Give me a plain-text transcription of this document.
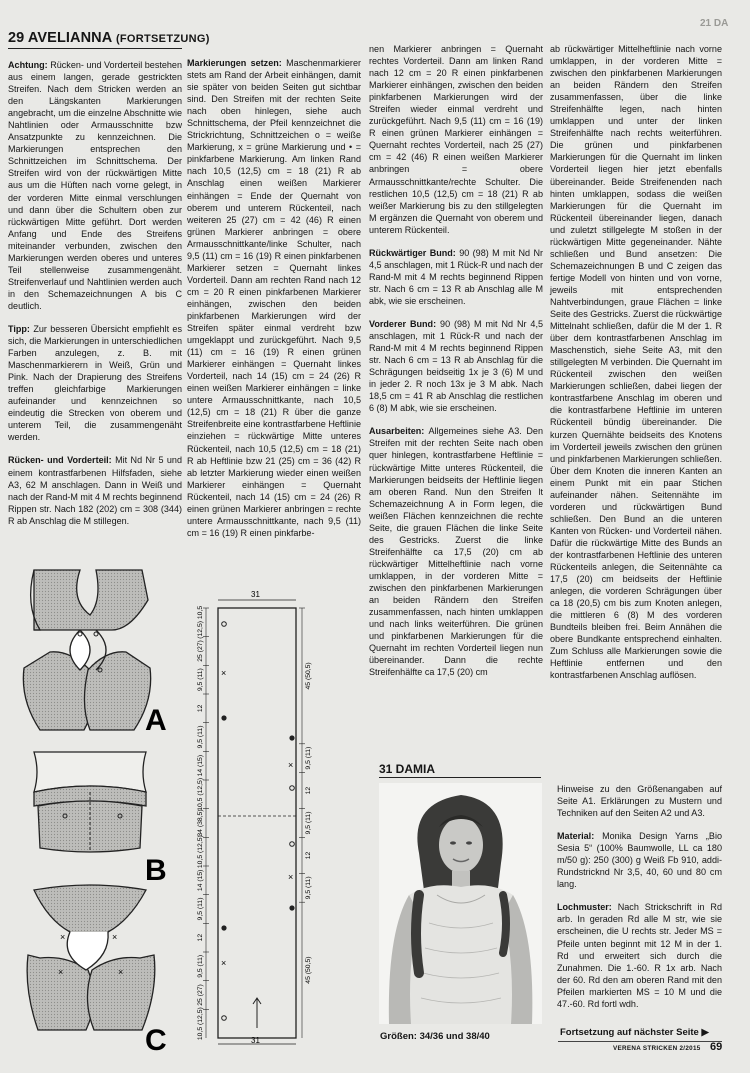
29 AVELIANNA (FORTSETZUNG)
21 DA

Achtung: Rücken- und Vorderteil bestehen aus einem langen, gerade gestrickten Streifen. Nach dem Stricken werden an den Längskanten Markierungen angebracht, um die einzelne Abschnitte wie Nahtlinien oder Armausschnitte bzw Ansatzpunkte zu kennzeichnen. Die Markierungen entsprechen den Schnittzeichen im Schnittschema. Der Streifen wird von der rückwärtigen Mitte aus um die Hüften nach vorne gelegt, in der vorderen Mitte einmal verschlungen und dann über die Schultern oben zur rückwärtigen Mitte geführt. Dort werden Anfang und Ende des Streifens miteinander verbunden, zwischen den Markierungen werden oberes und unteres Teil stellenweise zusammengenäht. Streifenverlauf und Nahtlinien werden auch in den Schemazeichnungen A bis C deutlich.

Tipp: Zur besseren Übersicht empfiehlt es sich, die Markierungen in unterschiedlichen Farben anzulegen, z. B. mit Maschenmarkierern in Weiß, Grün und Pink. Nach der Drapierung des Streifens treffen gleichfarbige Markierungen aufeinander und kennzeichnen so eindeutig die Strecken von oberem und unterem Teil, die zusammengenäht werden.

Rücken- und Vorderteil: Mit Nd Nr 5 und einem kontrastfarbenen Hilfsfaden, siehe A3, 62 M anschlagen. Dann in Weiß und nach der Rand-M mit 4 M rechts beginnend Rippen str. Nach 182 (202) cm = 308 (344) R ab Anschlag die M stillegen.

A
B
×	×
×	×
C

Markierungen setzen: Maschenmarkierer stets am Rand der Arbeit einhängen, damit sie später von beiden Seiten gut sichtbar sind. Den Streifen mit der rechten Seite nach oben hinlegen, siehe auch Schnittschema, der Pfeil kennzeichnet die Strickrichtung, Schnittzeichen o = weiße Markierung, x = grüne Markierung und • = pinkfarbene Markierung. Am linken Rand nach 10,5 (12,5) cm = 18 (21) R ab Anschlag einen weißen Markierer einhängen = Ende der Quernaht von oberem und unterem Rückenteil, nach weiteren 25 (27) cm = 42 (46) R einen grünen Markierer anbringen = obere Armausschnittkante/linke Schulter, nach 9,5 (11) cm = 16 (19) R einen pinkfarbenen Markierer setzen = Quernaht linkes Vorderteil. Dann am rechten Rand nach 12 cm = 20 R einen pinkfarbenen Markierer einhängen, zwischen den beiden pinkfarbenen Markierungen wird der Streifen später einmal verdreht bzw umgeklappt und zurückgeführt. Nach 9,5 (11) cm = 16 (19) R einen grünen Markierer einhängen = Quernaht linkes Vorderteil, nach 14 (15) cm = 24 (26) R einen weißen Markierer einhängen = linke untere Armausschnittkante, nach 10,5 (12,5) cm = 18 (21) R über die ganze Streifenbreite eine kontrastfarbene Heftlinie einziehen = rückwärtige Mitte unteres Rückenteil, nach 10,5 (12,5) cm = 18 (21) R ab Heftlinie bzw 21 (25) cm = 36 (42) R ab letzter Markierung wieder einen weißen Markierer einhängen = Quernaht Rückenteil, nach 14 (15) cm = 24 (26) R einen grünen Markierer anbringen = rechte untere Armausschnittkante, nach 9,5 (11) cm = 16 (19) R einen pinkfarbe-

31
31
(12,5) 10,5
25 (27)
9,5 (11)
12
9,5 (11)
14 (15)
10,5 (12,5)
34 (38,5)
10,5 (12,5)
14 (15)
9,5 (11)
12
9,5 (11)
25 (27)
10,5 (12,5)
45 (50,5)
9,5 (11)
12
9,5 (11)
12
9,5 (11)
45 (50,5)
×
×
×
×

nen Markierer anbringen = Quernaht rechtes Vorderteil. Dann am linken Rand nach 12 cm = 20 R einen pinkfarbenen Markierer einhängen, zwischen den beiden pinkfarbenen Markierungen wird der Streifen wieder einmal verdreht und zurückgeführt. Nach 9,5 (11) cm = 16 (19) R einen grünen Markierer einhängen = Quernaht rechtes Vorderteil, nach 25 (27) cm = 42 (46) R einen weißen Markierer anbringen = obere Armausschnittkante/rechte Schulter. Die restlichen 10,5 (12,5) cm = 18 (21) R ab weißer Markierung bis zu den stillgelegten M ergänzen die Quernaht von oberem und unterem Rückenteil.

Rückwärtiger Bund: 90 (98) M mit Nd Nr 4,5 anschlagen, mit 1 Rück-R und nach der Rand-M mit 4 M rechts beginnend Rippen str. Nach 6 cm = 13 R ab Anschlag alle M abk, wie sie erscheinen.

Vorderer Bund: 90 (98) M mit Nd Nr 4,5 anschlagen, mit 1 Rück-R und nach der Rand-M mit 4 M rechts beginnend Rippen str. Nach 6 cm = 13 R ab Anschlag für die Schrägungen beidseitig 1x je 3 (6) M und in jeder 2. R noch 13x je 3 M abk. Nach 18,5 cm = 41 R ab Anschlag die restlichen 6 (8) M abk, wie sie erscheinen.

Ausarbeiten: Allgemeines siehe A3. Den Streifen mit der rechten Seite nach oben quer hinlegen, kontrastfarbene Heftlinie = rückwärtige Mitte unteres Rückenteil, die Markierungen beidseits der Heftlinie liegen am oberen Rand. Nun den Streifen lt Schemazeichnung A in Form legen, die weißen Flächen kennzeichnen die rechte Seite, die grauen Flächen die linke Seite des Gestricks. Zuerst die linke Streifenhälfte ca 17,5 (20) cm ab rückwärtiger Mittelheftlinie nach vorne umklappen, in der vorderen Mitte = zwischen den pinkfarbenen Markierungen an beiden Rändern den Streifen zusammenfassen, nach hinten umklappen und nach links weiterführen. Die grünen und pinkfarbenen Markierungen für die Quernaht im rechten Vorderteil liegen nun übereinander. Dann die rechte Streifenhälfte ca 17,5 (20) cm

ab rückwärtiger Mittelheftlinie nach vorne umklappen, in der vorderen Mitte = zwischen den pinkfarbenen Markierungen an beiden Rändern den Streifen zusammenfassen, über die linke Streifenhälfte legen, nach hinten umklappen und unter der linken Streifenhälfte nach rechts weiterführen. Die grünen und pinkfarbenen Markierungen für die Quernaht im linken Vorderteil liegen hier jetzt ebenfalls übereinander. Beide Streifenenden nach hinten umklappen, sodass die weißen Markierungen für die Quernaht im Rückenteil übereinander liegen, danach und zuletzt stillgelegte M stoßen in der rückwärtigen Mitte gegeneinander. Nähte schließen und Bund ansetzen: Die Schemazeichnungen B und C zeigen das fertige Modell von hinten und von vorne, jeweils mit entsprechenden Nahtverbindungen, graue Flächen = linke Seite des Gestricks. Zuerst die rückwärtige Mittelnaht schließen, dafür die M der 1. R über dem kontrastfarbenen Anschlag im Maschenstich, siehe Seite A3, mit den stillgelegten M verbinden. Die Quernaht im Rückenteil zwischen den weißen Markierungen schließen, dabei liegen der kontrastfarbene Anschlag im oberen und die kontrastfarbene Heftlinie im unteren Rückenteil bündig übereinander. Die kurzen Quernähte beidseits des Knotens im Vorderteil jeweils zwischen den grünen und pinkfarbenen Markierungen schließen. Über dem Knoten die inneren Kanten an einem Punkt mit ein paar Stichen aufeinander nähen. Seitennähte im vorderen und rückwärtigen Bund schließen. Den Bund an die unteren Kanten von Rücken- und Vorderteil nähen. Dafür die rückwärtige Mitte des Bunds an der kontrastfarbenen Heftlinie des unteren Rückenteils anlegen, die Seitennähte ca 17,5 (20) cm beidseits der Heftlinie anlegen, die vorderen Schrägungen über ca 18 (20,5) cm bis zum Knoten anlegen, die mittleren 6 (8) M des vorderen Bundteils bleiben frei. Beim Annähen die obere Bundkante entsprechend einhalten. Zum Schluss alle Markierungen sowie die Heftlinie entfernen und den kontrastfarbenen Anschlag auflösen.

31 DAMIA
Größen: 34/36 und 38/40

Hinweise zu den Größenangaben auf Seite A1. Erklärungen zu Mustern und Techniken auf den Seiten A2 und A3.

Material: Monika Design Yarns „Bio Sesia 5“ (100% Baumwolle, LL ca 180 m/50 g): 250 (300) g Weiß Fb 910, addi-Rundstricknd Nr 3,5, 40, 60 und 80 cm lang.

Lochmuster: Nach Strickschrift in Rd arb. In geraden Rd alle M str, wie sie erscheinen, die U rechts str. Jeder MS = Pfeile unten beginnt mit 12 M in der 1. Rd und erweitert sich durch die Zunahmen. Die 1.-60. R 1x arb. Nach der 60. Rd den am oberen Rand mit den Pfeilen markierten MS = 10 M und die 47.-60. Rd fortl wdh.

Fortsetzung auf nächster Seite ▶
VERENA STRICKEN 2/2015 69
